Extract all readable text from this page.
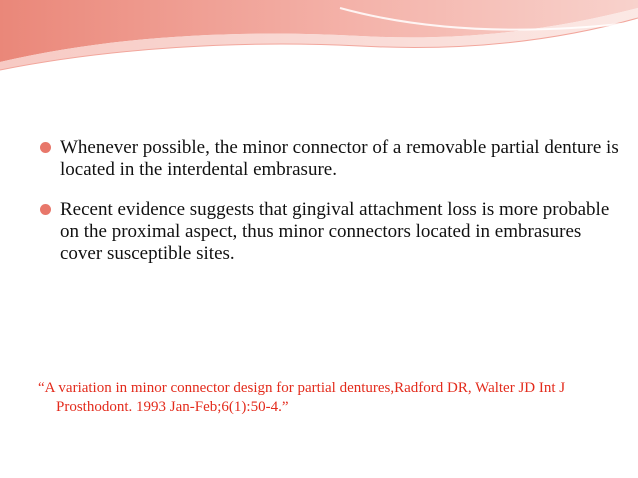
Whenever possible, the minor connector of a removable partial denture is located in the interdental embrasure.
Recent evidence suggests that gingival attachment loss is more probable on the proximal aspect, thus minor connectors located in embrasures cover susceptible sites.
“A variation in minor connector design for partial dentures,Radford DR, Walter JD Int J Prosthodont. 1993 Jan-Feb;6(1):50-4.”
